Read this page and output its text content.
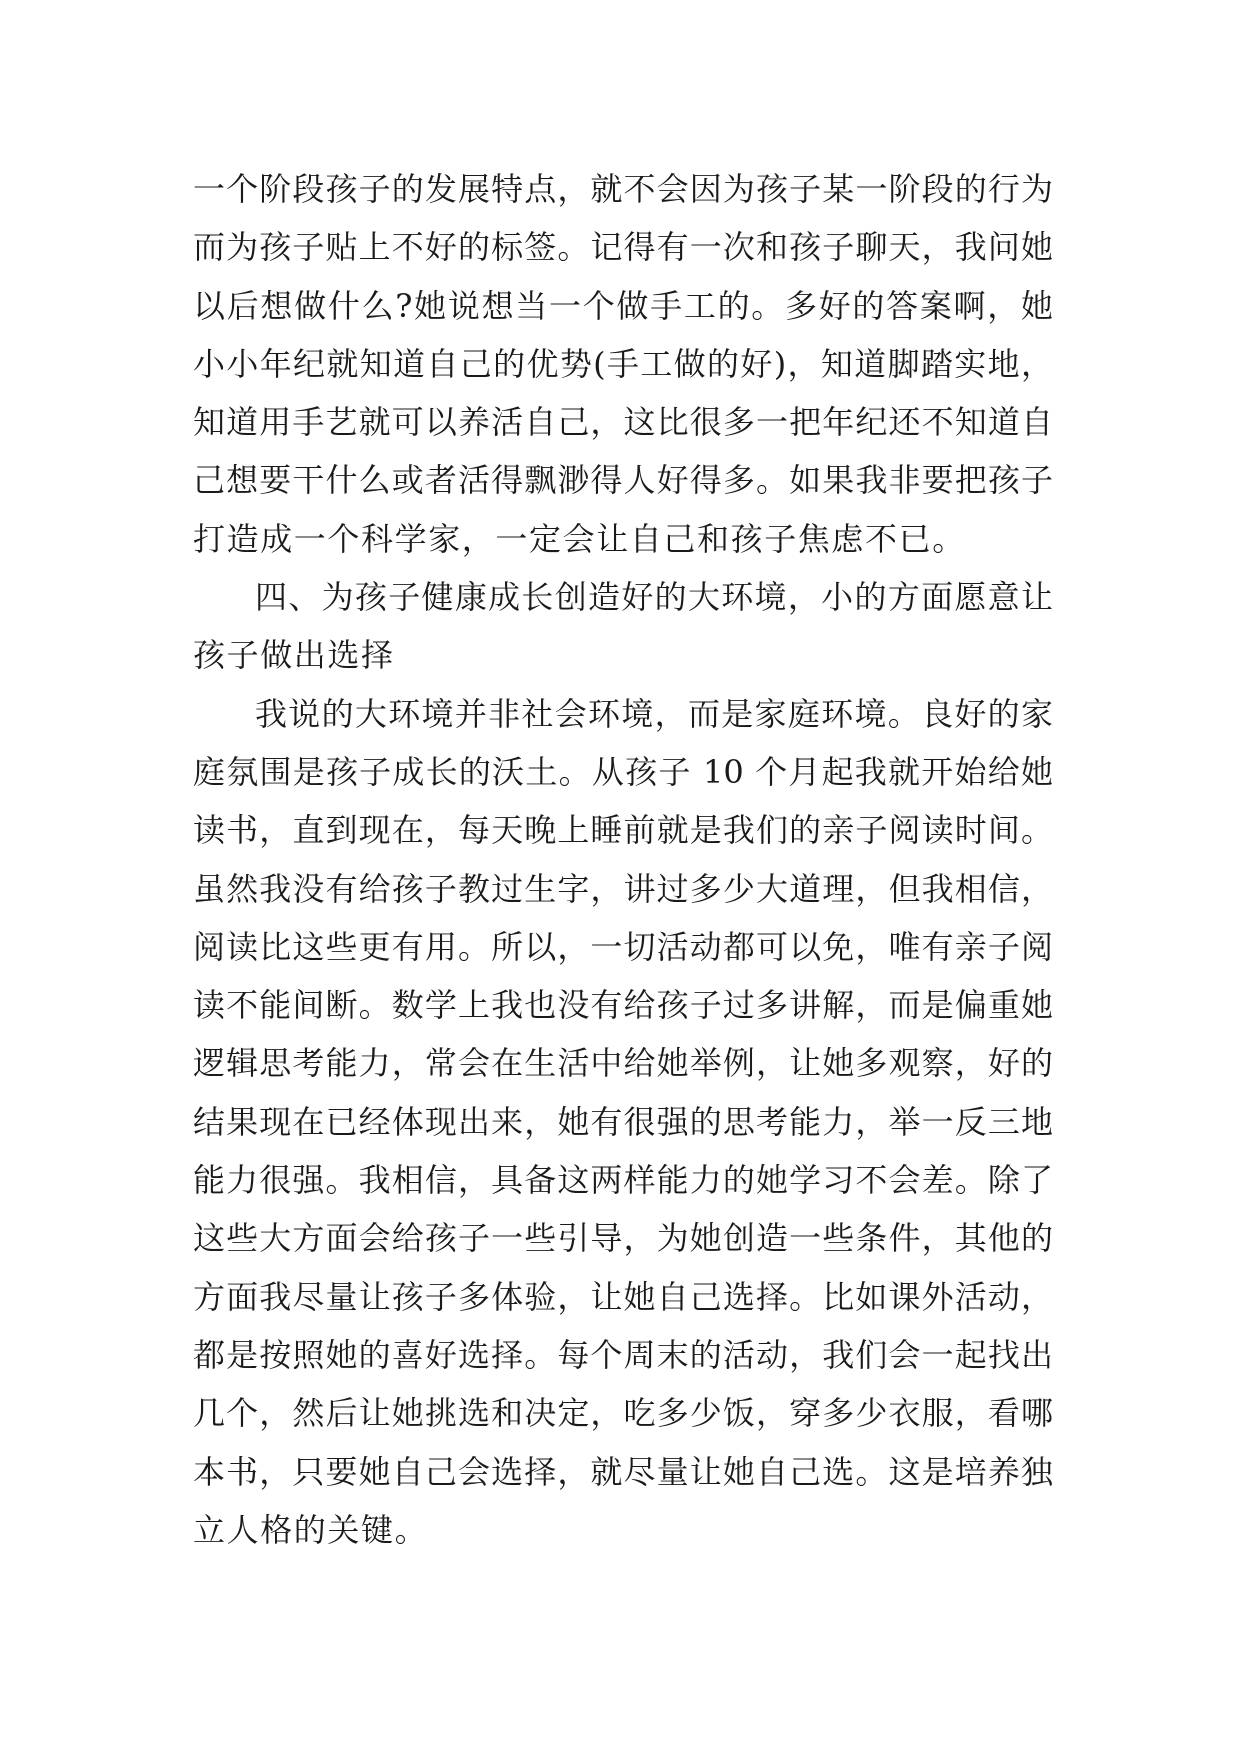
一个阶段孩子的发展特点，就不会因为孩子某一阶段的行为
而为孩子贴上不好的标签。记得有一次和孩子聊天，我问她
以后想做什么?她说想当一个做手工的。多好的答案啊，她
小小年纪就知道自己的优势(手工做的好)，知道脚踏实地，
知道用手艺就可以养活自己，这比很多一把年纪还不知道自
己想要干什么或者活得飘渺得人好得多。如果我非要把孩子
打造成一个科学家，一定会让自己和孩子焦虑不已。
四、为孩子健康成长创造好的大环境，小的方面愿意让
孩子做出选择
我说的大环境并非社会环境，而是家庭环境。良好的家
庭氛围是孩子成长的沃土。从孩子 10 个月起我就开始给她
读书，直到现在，每天晚上睡前就是我们的亲子阅读时间。
虽然我没有给孩子教过生字，讲过多少大道理，但我相信，
阅读比这些更有用。所以，一切活动都可以免，唯有亲子阅
读不能间断。数学上我也没有给孩子过多讲解，而是偏重她
逻辑思考能力，常会在生活中给她举例，让她多观察，好的
结果现在已经体现出来，她有很强的思考能力，举一反三地
能力很强。我相信，具备这两样能力的她学习不会差。除了
这些大方面会给孩子一些引导，为她创造一些条件，其他的
方面我尽量让孩子多体验，让她自己选择。比如课外活动，
都是按照她的喜好选择。每个周末的活动，我们会一起找出
几个，然后让她挑选和决定，吃多少饭，穿多少衣服，看哪
本书，只要她自己会选择，就尽量让她自己选。这是培养独
立人格的关键。
